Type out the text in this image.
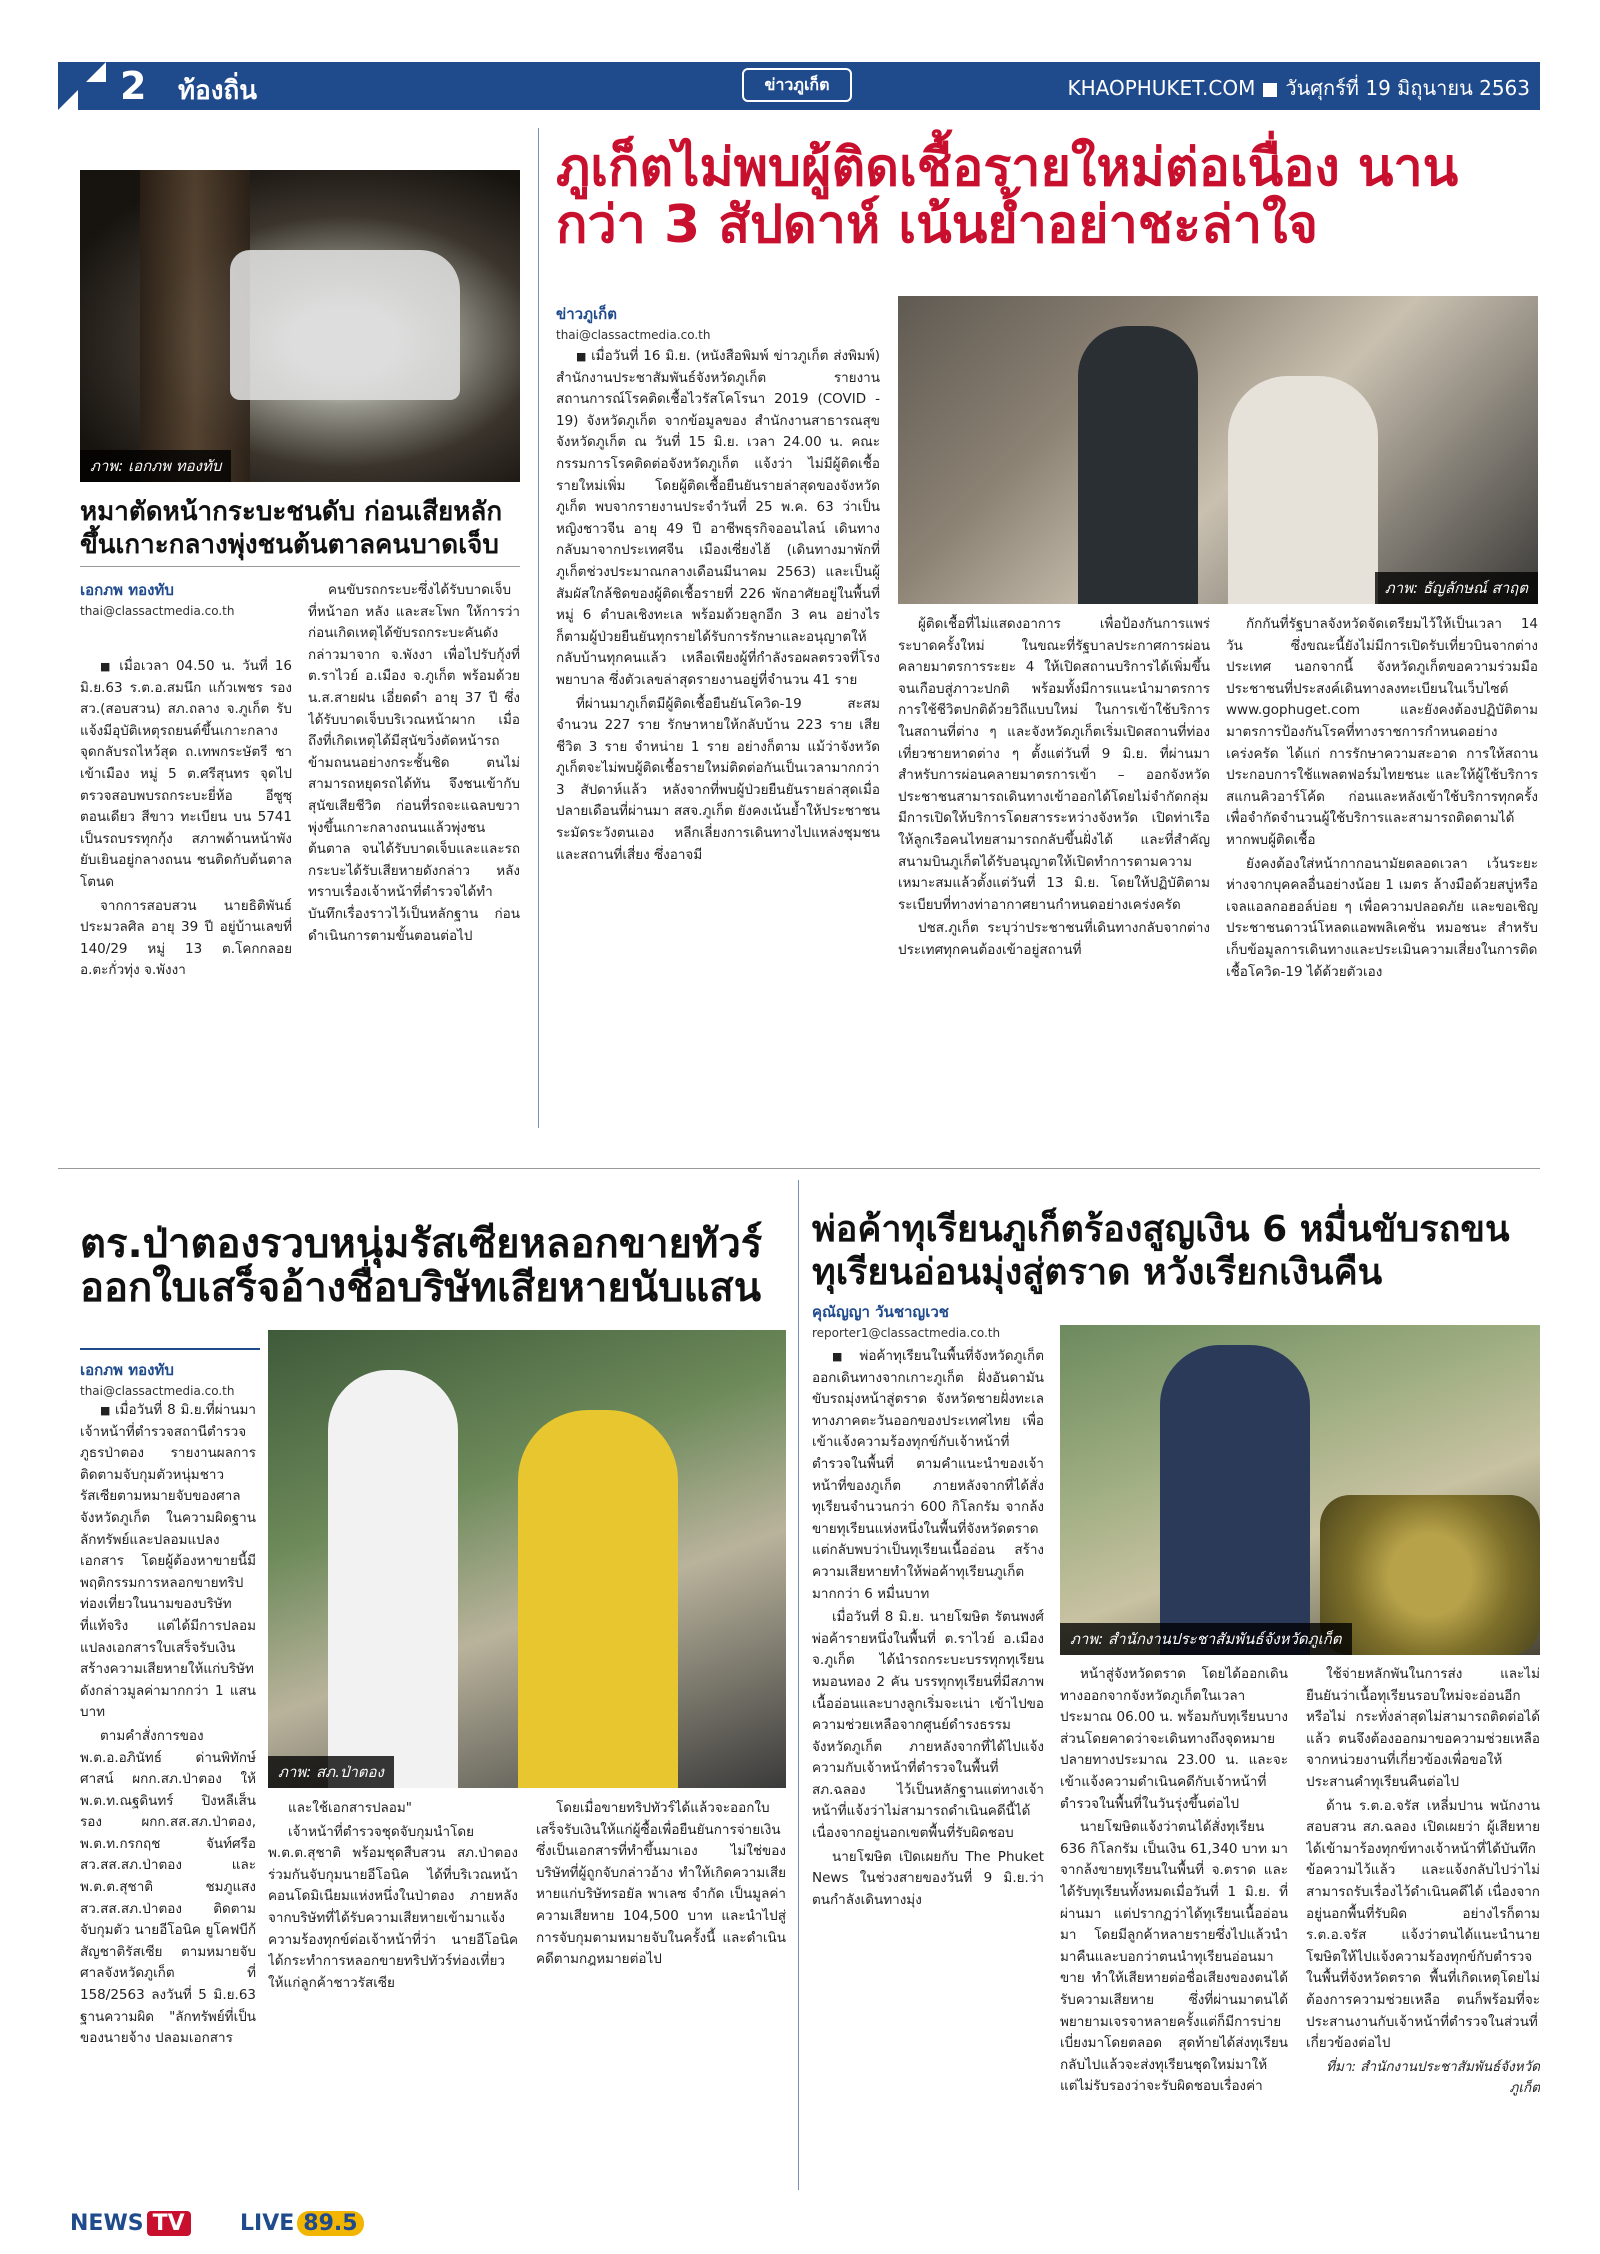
2 ท้องถิ่น	ข่าวภูเก็ต	KHAOPHUKET.COM วันศุกร์ที่ 19 มิถุนายน 2563
ภาพ: เอกภพ ทองทับ
หมาตัดหน้ากระบะชนดับ ก่อนเสียหลักขึ้นเกาะกลางพุ่งชนต้นตาลคนบาดเจ็บ
เอกภพ ทองทับ
thai@classactmedia.co.th

■ เมื่อเวลา 04.50 น. วันที่ 16 มิ.ย.63 ร.ต.อ.สมนึก แก้วเพชร รอง สว.(สอบสวน) สภ.ถลาง จ.ภูเก็ต รับแจ้งมีอุบัติเหตุรถยนต์ขึ้นเกาะกลางจุดกลับรถไหว้สุด ถ.เทพกระษัตรี ชาเข้าเมือง หมู่ 5 ต.ศรีสุนทร จุดไปตรวจสอบพบรถกระบะยี่ห้อ อีซูซุ ตอนเดียว สีขาว ทะเบียน บน 5741 เป็นรถบรรทุกกุ้ง สภาพด้านหน้าพังยับเยินอยู่กลางถนน ชนติดกับต้นตาลโตนด

จากการสอบสวน นายธิติพันธ์ ประมวลศิล อายุ 39 ปี อยู่บ้านเลขที่ 140/29 หมู่ 13 ต.โคกกลอย อ.ตะกั่วทุ่ง จ.พังงา

คนขับรถกระบะซึ่งได้รับบาดเจ็บที่หน้าอก หลัง และสะโพก ให้การว่า ก่อนเกิดเหตุได้ขับรถกระบะคันดังกล่าวมาจาก จ.พังงา เพื่อไปรับกุ้งที่ ต.ราไวย์ อ.เมือง จ.ภูเก็ต พร้อมด้วย น.ส.สายฝน เอี่ยดดำ อายุ 37 ปี ซึ่งได้รับบาดเจ็บบริเวณหน้าผาก เมื่อถึงที่เกิดเหตุได้มีสุนัขวิ่งตัดหน้ารถข้ามถนนอย่างกระชั้นชิด ตนไม่สามารถหยุดรถได้ทัน จึงชนเข้ากับสุนัขเสียชีวิต ก่อนที่รถจะแฉลบขวาพุ่งขึ้นเกาะกลางถนนแล้วพุ่งชนต้นตาล จนได้รับบาดเจ็บและและรถกระบะได้รับเสียหายดังกล่าว หลังทราบเรื่องเจ้าหน้าที่ตำรวจได้ทำบันทึกเรื่องราวไว้เป็นหลักฐาน ก่อนดำเนินการตามขั้นตอนต่อไป

ภูเก็ตไม่พบผู้ติดเชื้อรายใหม่ต่อเนื่อง นานกว่า 3 สัปดาห์ เน้นย้ำอย่าชะล่าใจ
ข่าวภูเก็ต
thai@classactmedia.co.th
ภาพ: ธัญลักษณ์ สาฤต

■ เมื่อวันที่ 16 มิ.ย. (หนังสือพิมพ์ ข่าวภูเก็ต ส่งพิมพ์) สำนักงานประชาสัมพันธ์จังหวัดภูเก็ต รายงาน สถานการณ์โรคติดเชื้อไวรัสโคโรนา 2019 (COVID - 19) จังหวัดภูเก็ต จากข้อมูลของ สำนักงานสาธารณสุขจังหวัดภูเก็ต ณ วันที่ 15 มิ.ย. เวลา 24.00 น. คณะกรรมการโรคติดต่อจังหวัดภูเก็ต แจ้งว่า ไม่มีผู้ติดเชื้อรายใหม่เพิ่ม โดยผู้ติดเชื้อยืนยันรายล่าสุดของจังหวัดภูเก็ต พบจากรายงานประจำวันที่ 25 พ.ค. 63 ว่าเป็นหญิงชาวจีน อายุ 49 ปี อาชีพธุรกิจออนไลน์ เดินทางกลับมาจากประเทศจีน เมืองเซี่ยงไฮ้ (เดินทางมาพักที่ภูเก็ตช่วงประมาณกลางเดือนมีนาคม 2563) และเป็นผู้สัมผัสใกล้ชิดของผู้ติดเชื้อรายที่ 226 พักอาศัยอยู่ในพื้นที่ หมู่ 6 ตำบลเชิงทะเล พร้อมด้วยลูกอีก 3 คน อย่างไรก็ตามผู้ป่วยยืนยันทุกรายได้รับการรักษาและอนุญาตให้กลับบ้านทุกคนแล้ว เหลือเพียงผู้ที่กำลังรอผลตรวจที่โรงพยาบาล ซึ่งตัวเลขล่าสุดรายงานอยู่ที่จำนวน 41 ราย

ที่ผ่านมาภูเก็ตมีผู้ติดเชื้อยืนยันโควิด-19 สะสมจำนวน 227 ราย รักษาหายให้กลับบ้าน 223 ราย เสียชีวิต 3 ราย จำหน่าย 1 ราย อย่างก็ตาม แม้ว่าจังหวัดภูเก็ตจะไม่พบผู้ติดเชื้อรายใหม่ติดต่อกันเป็นเวลามากกว่า 3 สัปดาห์แล้ว หลังจากที่พบผู้ป่วยยืนยันรายล่าสุดเมื่อปลายเดือนที่ผ่านมา สสจ.ภูเก็ต ยังคงเน้นย้ำให้ประชาชนระมัดระวังตนเอง หลีกเลี่ยงการเดินทางไปแหล่งชุมชน และสถานที่เสี่ยง ซึ่งอาจมี

ผู้ติดเชื้อที่ไม่แสดงอาการ เพื่อป้องกันการแพร่ระบาดครั้งใหม่ ในขณะที่รัฐบาลประกาศการผ่อนคลายมาตรการระยะ 4 ให้เปิดสถานบริการได้เพิ่มขึ้นจนเกือบสู่ภาวะปกติ พร้อมทั้งมีการแนะนำมาตรการการใช้ชีวิตปกติด้วยวิถีแบบใหม่ ในการเข้าใช้บริการในสถานที่ต่าง ๆ และจังหวัดภูเก็ตเริ่มเปิดสถานที่ท่องเที่ยวชายหาดต่าง ๆ ตั้งแต่วันที่ 9 มิ.ย. ที่ผ่านมา สำหรับการผ่อนคลายมาตรการเข้า – ออกจังหวัด ประชาชนสามารถเดินทางเข้าออกได้โดยไม่จำกัดกลุ่ม มีการเปิดให้บริการโดยสารระหว่างจังหวัด เปิดท่าเรือให้ลูกเรือคนไทยสามารถกลับขึ้นฝั่งได้ และที่สำคัญสนามบินภูเก็ตได้รับอนุญาตให้เปิดทำการตามความเหมาะสมแล้วตั้งแต่วันที่ 13 มิ.ย. โดยให้ปฏิบัติตามระเบียบที่ทางท่าอากาศยานกำหนดอย่างเคร่งครัด

ปชส.ภูเก็ต ระบุว่าประชาชนที่เดินทางกลับจากต่างประเทศทุกคนต้องเข้าอยู่สถานที่

กักกันที่รัฐบาลจังหวัดจัดเตรียมไว้ให้เป็นเวลา 14 วัน ซึ่งขณะนี้ยังไม่มีการเปิดรับเที่ยวบินจากต่างประเทศ นอกจากนี้ จังหวัดภูเก็ตขอความร่วมมือประชาชนที่ประสงค์เดินทางลงทะเบียนในเว็บไซต์ www.gophuget.com และยังคงต้องปฏิบัติตามมาตรการป้องกันโรคที่ทางราชการกำหนดอย่างเคร่งครัด ได้แก่ การรักษาความสะอาด การให้สถานประกอบการใช้แพลตฟอร์มไทยชนะ และให้ผู้ใช้บริการสแกนคิวอาร์โค้ด ก่อนและหลังเข้าใช้บริการทุกครั้ง เพื่อจำกัดจำนวนผู้ใช้บริการและสามารถติดตามได้หากพบผู้ติดเชื้อ

ยังคงต้องใส่หน้ากากอนามัยตลอดเวลา เว้นระยะห่างจากบุคคลอื่นอย่างน้อย 1 เมตร ล้างมือด้วยสบู่หรือเจลแอลกอฮอล์บ่อย ๆ เพื่อความปลอดภัย และขอเชิญประชาชนดาวน์โหลดแอพพลิเคชั่น หมอชนะ สำหรับเก็บข้อมูลการเดินทางและประเมินความเสี่ยงในการติดเชื้อโควิด-19 ได้ด้วยตัวเอง

ตร.ป่าตองรวบหนุ่มรัสเซียหลอกขายทัวร์ ออกใบเสร็จอ้างชื่อบริษัทเสียหายนับแสน
เอกภพ ทองทับ
thai@classactmedia.co.th

■ เมื่อวันที่ 8 มิ.ย.ที่ผ่านมา เจ้าหน้าที่ตำรวจสถานีตำรวจภูธรป่าตอง รายงานผลการติดตามจับกุมตัวหนุ่มชาวรัสเซียตามหมายจับของศาลจังหวัดภูเก็ต ในความผิดฐานลักทรัพย์และปลอมแปลงเอกสาร โดยผู้ต้องหาขายนี้มีพฤติกรรมการหลอกขายทริปท่องเที่ยวในนามของบริษัทที่แท้จริง แต่ได้มีการปลอมแปลงเอกสารใบเสร็จรับเงิน สร้างความเสียหายให้แก่บริษัทดังกล่าวมูลค่ามากกว่า 1 แสนบาท

ตามคำสั่งการของ พ.ต.อ.อภินัทธ์ ด่านพิทักษ์ศาสน์ ผกก.สภ.ป่าตอง ให้ พ.ต.ท.ณฐดินทร์ ปิงหลีเส็น รอง ผกก.สส.สภ.ป่าตอง, พ.ต.ท.กรกฤช จันท์ศรีอ สว.สส.สภ.ป่าตอง และ พ.ต.ต.สุชาติ ชมภูแสง สว.สส.สภ.ป่าตอง ติดตามจับกุมตัว นายอีโอนิค ยูโคฟบีก้ สัญชาติรัสเซีย ตามหมายจับศาลจังหวัดภูเก็ต ที่ 158/2563 ลงวันที่ 5 มิ.ย.63 ฐานความผิด "ลักทรัพย์ที่เป็นของนายจ้าง ปลอมเอกสาร

ภาพ: สภ.ป่าตอง

และใช้เอกสารปลอม"

เจ้าหน้าที่ตำรวจชุดจับกุมนำโดย พ.ต.ต.สุชาติ พร้อมชุดสืบสวน สภ.ป่าตอง ร่วมกันจับกุมนายอีโอนิค ได้ที่บริเวณหน้าคอนโดมิเนียมแห่งหนึ่งในป่าตอง ภายหลังจากบริษัทที่ได้รับความเสียหายเข้ามาแจ้งความร้องทุกข์ต่อเจ้าหน้าที่ว่า นายอีโอนิคได้กระทำการหลอกขายทริปทัวร์ท่องเที่ยวให้แก่ลูกค้าชาวรัสเซีย

โดยเมื่อขายทริปทัวร์ได้แล้วจะออกใบเสร็จรับเงินให้แก่ผู้ซื้อเพื่อยืนยันการจ่ายเงิน ซึ่งเป็นเอกสารที่ทำขึ้นมาเอง ไม่ใช่ของบริษัทที่ผู้ถูกจับกล่าวอ้าง ทำให้เกิดความเสียหายแก่บริษัทรอยัล พาเลซ จำกัด เป็นมูลค่าความเสียหาย 104,500 บาท และนำไปสู่การจับกุมตามหมายจับในครั้งนี้ และดำเนินคดีตามกฎหมายต่อไป

พ่อค้าทุเรียนภูเก็ตร้องสูญเงิน 6 หมื่นขับรถขนทุเรียนอ่อนมุ่งสู่ตราด หวังเรียกเงินคืน
คุณัญญา วันชาญเวช
reporter1@classactmedia.co.th

■ พ่อค้าทุเรียนในพื้นที่จังหวัดภูเก็ต ออกเดินทางจากเกาะภูเก็ต ฝั่งอันดามัน ขับรถมุ่งหน้าสู่ตราด จังหวัดชายฝั่งทะเลทางภาคตะวันออกของประเทศไทย เพื่อเข้าแจ้งความร้องทุกข์กับเจ้าหน้าที่ตำรวจในพื้นที่ ตามคำแนะนำของเจ้าหน้าที่ของภูเก็ต ภายหลังจากที่ได้สั่งทุเรียนจำนวนกว่า 600 กิโลกรัม จากล้งขายทุเรียนแห่งหนึ่งในพื้นที่จังหวัดตราด แต่กลับพบว่าเป็นทุเรียนเนื้ออ่อน สร้างความเสียหายทำให้พ่อค้าทุเรียนภูเก็ตมากกว่า 6 หมื่นบาท

เมื่อวันที่ 8 มิ.ย. นายโฆษิต รัตนพงศ์ พ่อค้ารายหนึ่งในพื้นที่ ต.ราไวย์ อ.เมือง จ.ภูเก็ต ได้นำรถกระบะบรรทุกทุเรียนหมอนทอง 2 คัน บรรทุกทุเรียนที่มีสภาพเนื้ออ่อนและบางลูกเริ่มจะเน่า เข้าไปขอความช่วยเหลือจากศูนย์ดำรงธรรมจังหวัดภูเก็ต ภายหลังจากที่ได้ไปแจ้งความกับเจ้าหน้าที่ตำรวจในพื้นที่สภ.ฉลอง ไว้เป็นหลักฐานแต่ทางเจ้าหน้าที่แจ้งว่าไม่สามารถดำเนินคดีนี้ได้ เนื่องจากอยู่นอกเขตพื้นที่รับผิดชอบ

นายโฆษิต เปิดเผยกับ The Phuket News ในช่วงสายของวันที่ 9 มิ.ย.ว่า ตนกำลังเดินทางมุ่ง

ภาพ: สำนักงานประชาสัมพันธ์จังหวัดภูเก็ต

หน้าสู่จังหวัดตราด โดยได้ออกเดินทางออกจากจังหวัดภูเก็ตในเวลาประมาณ 06.00 น. พร้อมกับทุเรียนบางส่วนโดยคาดว่าจะเดินทางถึงจุดหมายปลายทางประมาณ 23.00 น. และจะเข้าแจ้งความดำเนินคดีกับเจ้าหน้าที่ตำรวจในพื้นที่ในวันรุ่งขึ้นต่อไป

นายโฆษิตแจ้งว่าตนได้สั่งทุเรียน 636 กิโลกรัม เป็นเงิน 61,340 บาท มาจากล้งขายทุเรียนในพื้นที่ จ.ตราด และได้รับทุเรียนทั้งหมดเมื่อวันที่ 1 มิ.ย. ที่ผ่านมา แต่ปรากฏว่าได้ทุเรียนเนื้ออ่อนมา โดยมีลูกค้าหลายรายซึ่งไปแล้วนำมาคืนและบอกว่าตนนำทุเรียนอ่อนมาขาย ทำให้เสียหายต่อชื่อเสียงของตนได้รับความเสียหาย ซึ่งที่ผ่านมาตนได้พยายามเจรจาหลายครั้งแต่ก็มีการบ่ายเบี่ยงมาโดยตลอด สุดท้ายได้ส่งทุเรียนกลับไปแล้วจะส่งทุเรียนชุดใหม่มาให้ แต่ไม่รับรองว่าจะรับผิดชอบเรื่องค่า

ใช้จ่ายหลักพันในการส่ง และไม่ยืนยันว่าเนื้อทุเรียนรอบใหม่จะอ่อนอีกหรือไม่ กระทั่งล่าสุดไม่สามารถติดต่อได้แล้ว ตนจึงต้องออกมาขอความช่วยเหลือจากหน่วยงานที่เกี่ยวข้องเพื่อขอให้ประสานคำทุเรียนคืนต่อไป

ด้าน ร.ต.อ.จรัส เหลี่มปาน พนักงานสอบสวน สภ.ฉลอง เปิดเผยว่า ผู้เสียหายได้เข้ามาร้องทุกข์ทางเจ้าหน้าที่ได้บันทึกข้อความไว้แล้ว และแจ้งกลับไปว่าไม่สามารถรับเรื่องไว้ดำเนินคดีได้ เนื่องจากอยู่นอกพื้นที่รับผิด อย่างไรก็ตาม ร.ต.อ.จรัส แจ้งว่าตนได้แนะนำนายโฆษิตให้ไปแจ้งความร้องทุกข์กับตำรวจในพื้นที่จังหวัดตราด พื้นที่เกิดเหตุโดยไม่ต้องการความช่วยเหลือ ตนก็พร้อมที่จะประสานงานกับเจ้าหน้าที่ตำรวจในส่วนที่เกี่ยวข้องต่อไป

ที่มา: สำนักงานประชาสัมพันธ์จังหวัดภูเก็ต

NEWS TV	LIVE 89.5
